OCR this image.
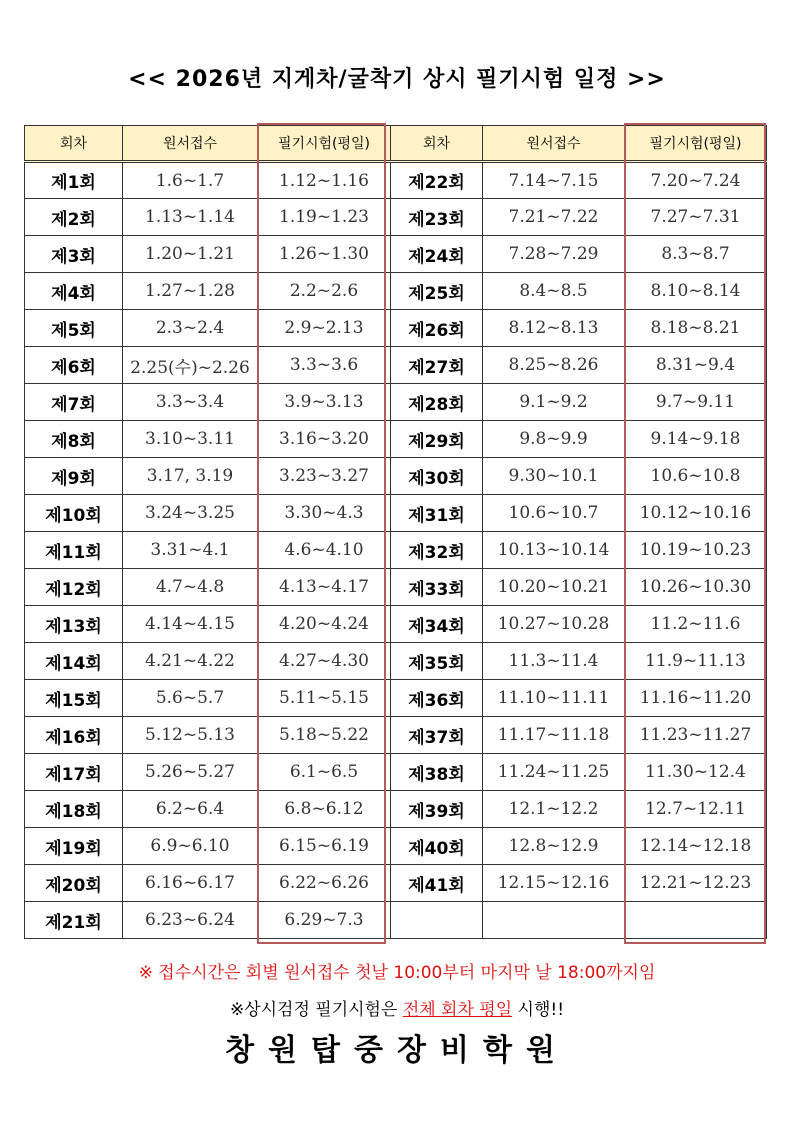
<< 2026년 지게차/굴착기 상시 필기시험 일정 >>
회차	원서접수	필기시험(평일)	회차	원서접수	필기시험(평일)
제1회	1.6~1.7	1.12~1.16	제22회	7.14~7.15	7.20~7.24
제2회	1.13~1.14	1.19~1.23	제23회	7.21~7.22	7.27~7.31
제3회	1.20~1.21	1.26~1.30	제24회	7.28~7.29	8.3~8.7
제4회	1.27~1.28	2.2~2.6	제25회	8.4~8.5	8.10~8.14
제5회	2.3~2.4	2.9~2.13	제26회	8.12~8.13	8.18~8.21
제6회	2.25(수)~2.26	3.3~3.6	제27회	8.25~8.26	8.31~9.4
제7회	3.3~3.4	3.9~3.13	제28회	9.1~9.2	9.7~9.11
제8회	3.10~3.11	3.16~3.20	제29회	9.8~9.9	9.14~9.18
제9회	3.17, 3.19	3.23~3.27	제30회	9.30~10.1	10.6~10.8
제10회	3.24~3.25	3.30~4.3	제31회	10.6~10.7	10.12~10.16
제11회	3.31~4.1	4.6~4.10	제32회	10.13~10.14	10.19~10.23
제12회	4.7~4.8	4.13~4.17	제33회	10.20~10.21	10.26~10.30
제13회	4.14~4.15	4.20~4.24	제34회	10.27~10.28	11.2~11.6
제14회	4.21~4.22	4.27~4.30	제35회	11.3~11.4	11.9~11.13
제15회	5.6~5.7	5.11~5.15	제36회	11.10~11.11	11.16~11.20
제16회	5.12~5.13	5.18~5.22	제37회	11.17~11.18	11.23~11.27
제17회	5.26~5.27	6.1~6.5	제38회	11.24~11.25	11.30~12.4
제18회	6.2~6.4	6.8~6.12	제39회	12.1~12.2	12.7~12.11
제19회	6.9~6.10	6.15~6.19	제40회	12.8~12.9	12.14~12.18
제20회	6.16~6.17	6.22~6.26	제41회	12.15~12.16	12.21~12.23
제21회	6.23~6.24	6.29~7.3			
※ 접수시간은 회별 원서접수 첫날 10:00부터 마지막 날 18:00까지임
※상시검정 필기시험은 전체 회차 평일 시행!!
창원탑중장비학원
